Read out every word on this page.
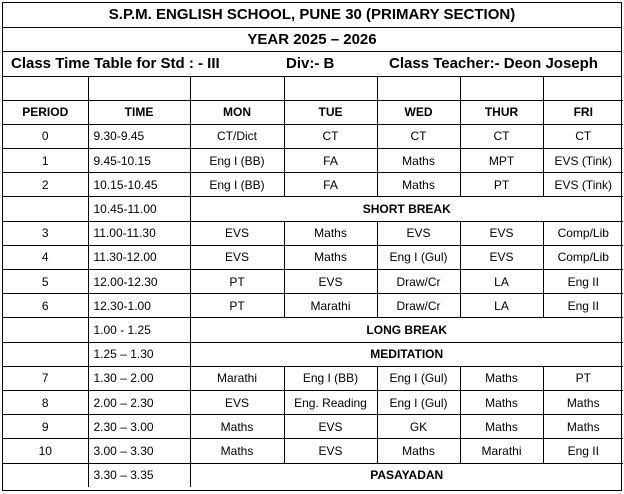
S.P.M. ENGLISH SCHOOL, PUNE 30 (PRIMARY SECTION)
YEAR 2025 – 2026
Class Time Table for Std : - III	Div:- B	Class Teacher:- Deon Joseph

PERIOD	TIME	MON	TUE	WED	THUR	FRI
0	9.30-9.45	CT/Dict	CT	CT	CT	CT
1	9.45-10.15	Eng I (BB)	FA	Maths	MPT	EVS (Tink)
2	10.15-10.45	Eng I (BB)	FA	Maths	PT	EVS (Tink)
	10.45-11.00	SHORT BREAK				
3	11.00-11.30	EVS	Maths	EVS	EVS	Comp/Lib
4	11.30-12.00	EVS	Maths	Eng I (Gul)	EVS	Comp/Lib
5	12.00-12.30	PT	EVS	Draw/Cr	LA	Eng II
6	12.30-1.00	PT	Marathi	Draw/Cr	LA	Eng II
	1.00 - 1.25	LONG BREAK				
	1.25 – 1.30	MEDITATION				
7	1.30 – 2.00	Marathi	Eng I (BB)	Eng I (Gul)	Maths	PT
8	2.00 – 2.30	EVS	Eng. Reading	Eng I (Gul)	Maths	Maths
9	2.30 – 3.00	Maths	EVS	GK	Maths	Maths
10	3.00 – 3.30	Maths	EVS	Maths	Marathi	Eng II
	3.30 – 3.35	PASAYADAN				
